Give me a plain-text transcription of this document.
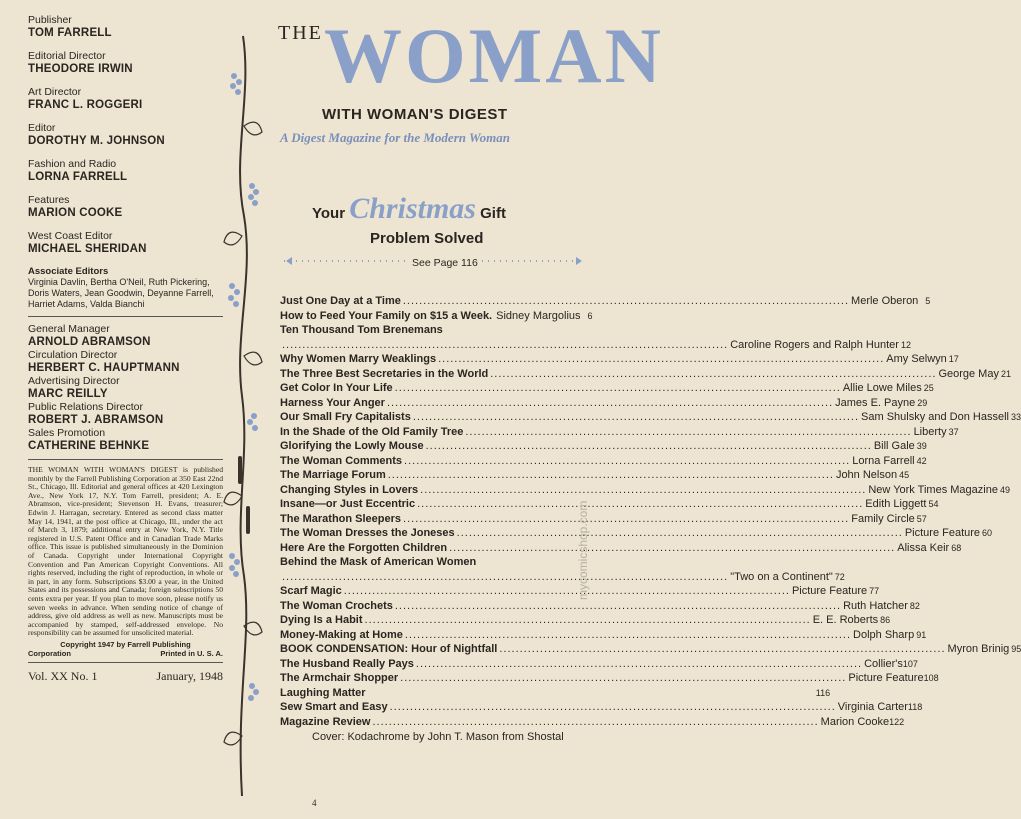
Publisher
TOM FARRELL
Editorial Director
THEODORE IRWIN
Art Director
FRANC L. ROGGERI
Editor
DOROTHY M. JOHNSON
Fashion and Radio
LORNA FARRELL
Features
MARION COOKE
West Coast Editor
MICHAEL SHERIDAN
Associate Editors
Virginia Davlin, Bertha O'Neil, Ruth Pickering, Doris Waters, Jean Goodwin, Deyanne Farrell, Harriet Adams, Valda Bianchi
General Manager
ARNOLD ABRAMSON
Circulation Director
HERBERT C. HAUPTMANN
Advertising Director
MARC REILLY
Public Relations Director
ROBERT J. ABRAMSON
Sales Promotion
CATHERINE BEHNKE
THE WOMAN WITH WOMAN'S DIGEST is published monthly by the Farrell Publishing Corporation at 350 East 22nd St., Chicago, Ill. Editorial and general offices at 420 Lexington Ave., New York 17, N.Y. Tom Farrell, president; A. E. Abramson, vice-president; Stevenson H. Evans, treasurer; Edwin J. Harragan, secretary. Entered as second class matter May 14, 1941, at the post office at Chicago, Ill., under the act of March 3, 1879; additional entry at New York, N.Y. Title registered in U.S. Patent Office and in Canadian Trade Marks office. This issue is published simultaneously in the Dominion of Canada. Copyright under International Copyright Convention and Pan American Copyright Conventions. All rights reserved, including the right of reproduction, in whole or in part, in any form. Subscriptions $3.00 a year, in the United States and its possessions and Canada; foreign subscriptions 50 cents extra per year. If you plan to move soon, please notify us seven weeks in advance. When sending notice of change of address, give old address as well as new. Manuscripts must be accompanied by stamped, self-addressed envelope. No responsibility can be assumed for unsolicited material.
Copyright 1947 by Farrell Publishing
Corporation	Printed in U. S. A.
Vol. XX No. 1	January, 1948
THE WOMAN
WITH WOMAN'S DIGEST
A Digest Magazine for the Modern Woman
Your Christmas Gift
Problem Solved
See Page 116
Just One Day at a Time .....	Merle Oberon 5
How to Feed Your Family on $15 a Week. Sidney Margolius 6
Ten Thousand Tom Brenemans
.....
Caroline Rogers and Ralph Hunter 12
Why Women Marry Weaklings .....	Amy Selwyn 17
The Three Best Secretaries in the World .....	George May 21
Get Color In Your Life .....	Allie Lowe Miles 25
Harness Your Anger .....	James E. Payne 29
Our Small Fry Capitalists .....	Sam Shulsky and Don Hassell 33
In the Shade of the Old Family Tree .....	Liberty 37
Glorifying the Lowly Mouse .....	Bill Gale 39
The Woman Comments .....	Lorna Farrell 42
The Marriage Forum .....	John Nelson 45
Changing Styles in Lovers .....	New York Times Magazine 49
Insane—or Just Eccentric .....	Edith Liggett 54
The Marathon Sleepers .....	Family Circle 57
The Woman Dresses the Joneses .....	Picture Feature 60
Here Are the Forgotten Children .....	Alissa Keir 68
Behind the Mask of American Women
.....
"Two on a Continent" 72
Scarf Magic .....	Picture Feature 77
The Woman Crochets .....	Ruth Hatcher 82
Dying Is a Habit .....	E. E. Roberts 86
Money-Making at Home .....	Dolph Sharp 91
BOOK CONDENSATION: Hour of Nightfall .....	Myron Brinig 95
The Husband Really Pays .....	Collier's 107
The Armchair Shopper .....	Picture Feature 108
Laughing Matter	116
Sew Smart and Easy .....	Virginia Carter 118
Magazine Review .....	Marion Cooke 122
Cover: Kodachrome by John T. Mason from Shostal
4
mycomicshop.com
